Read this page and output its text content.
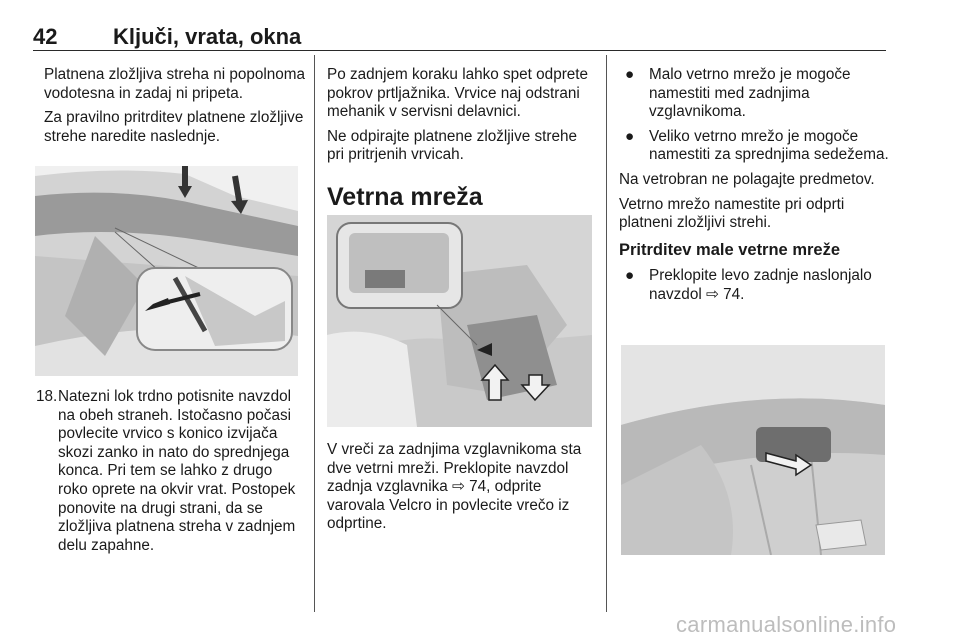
42	Ključi, vrata, okna

Platnena zložljiva streha ni popolnoma vodotesna in zadaj ni pripeta.

Za pravilno pritrditev platnene zložljive strehe naredite naslednje.

18. Natezni lok trdno potisnite navzdol na obeh straneh. Istočasno počasi povlecite vrvico s konico izvijača skozi zanko in nato do sprednjega konca. Pri tem se lahko z drugo roko oprete na okvir vrat. Postopek ponovite na drugi strani, da se zložljiva platnena streha v zadnjem delu zapahne.

Po zadnjem koraku lahko spet odprete pokrov prtljažnika. Vrvice naj odstrani mehanik v servisni delavnici.

Ne odpirajte platnene zložljive strehe pri pritrjenih vrvicah.

Vetrna mreža

V vreči za zadnjima vzglavnikoma sta dve vetrni mreži. Preklopite navzdol zadnja vzglavnika ⇨ 74, odprite varovala Velcro in povlecite vrečo iz odprtine.

● Malo vetrno mrežo je mogoče namestiti med zadnjima vzglavnikoma.
● Veliko vetrno mrežo je mogoče namestiti za sprednjima sedežema.

Na vetrobran ne polagajte predmetov.

Vetrno mrežo namestite pri odprti platneni zložljivi strehi.

Pritrditev male vetrne mreže
● Preklopite levo zadnje naslonjalo navzdol ⇨ 74.
carmanualsonline.info
